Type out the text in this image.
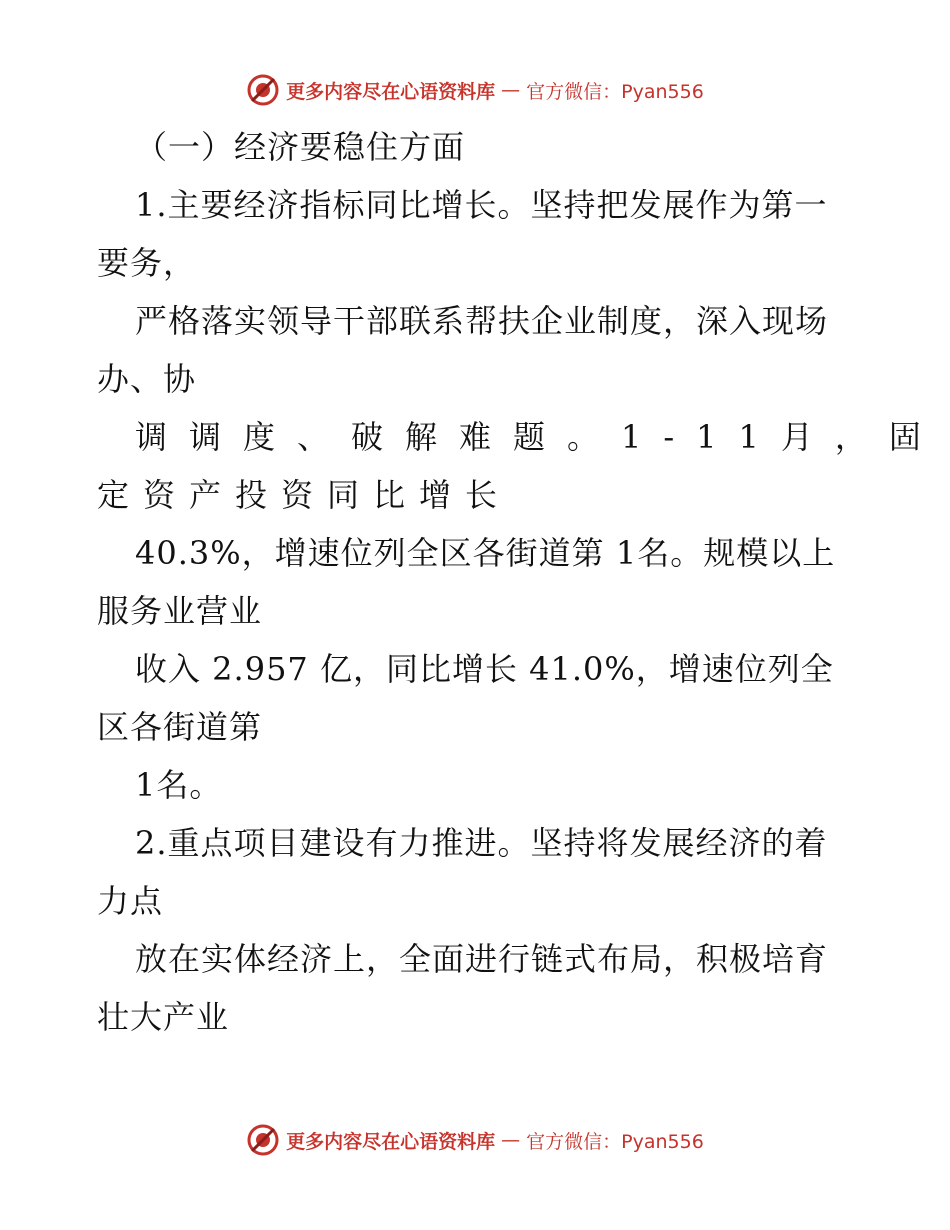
更多内容尽在心语资料库 — 官方微信：Pyan556
（一）经济要稳住方面
1.主要经济指标同比增长。坚持把发展作为第一
要务，
严格落实领导干部联系帮扶企业制度，深入现场
办、协
调调度、破解难题。1-11月，固
定资产投资同比增长
40.3%，增速位列全区各街道第 1名。规模以上
服务业营业
收入 2.957 亿，同比增长 41.0%，增速位列全
区各街道第
1名。
2.重点项目建设有力推进。坚持将发展经济的着
力点
放在实体经济上，全面进行链式布局，积极培育
壮大产业
更多内容尽在心语资料库 — 官方微信：Pyan556
